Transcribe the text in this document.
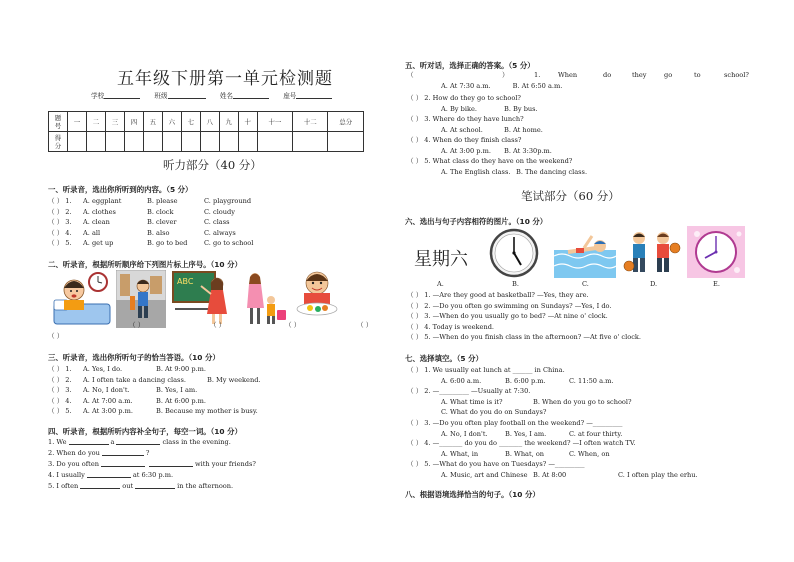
五年级下册第一单元检测题
学校	班级	姓名	座号
题
号	一	二	三	四	五	六	七	八	九	十	十一	十二	总分
得
分													
听力部分（40 分）
一、听录音，选出你所听到的内容。（5 分）
（ ） 1. A. eggplant	B. please	C. playground
（ ） 2. A. clothes	B. clock	C. cloudy
（ ） 3. A. clean	B. clever	C. class
（ ） 4. A. all	B. also	C. always
（ ） 5. A. get up	B. go to bed	C. go to school
二、听录音，根据所听顺序给下列图片标上序号。（10 分）
ABC
（ ）	（ ）	（ ）	（ ）
（ ）
三、听录音，选出你所听句子的恰当答语。（10 分）
（ ） 1. A. Yes, I do.	B. At 9:00 p.m.
（ ） 2. A. I often take a dancing class.	B. My weekend.
（ ） 3. A. No, I don't.	B. Yes, I am.
（ ） 4. A. At 7:00 a.m.	B. At 6:00 p.m.
（ ） 5. A. At 3:00 p.m.	B. Because my mother is busy.
四、听录音，根据所听内容补全句子，每空一词。（10 分）
1. We	a	class in the evening.
2. When do you	?
3. Do you often	with your friends?
4. I usually	at 6:30 p.m.
5. I often	out	in the afternoon.
五、听对话，选择正确的答案。（5 分）
（	）	1.	When	do	they	go	to	school?
A. At 7:30 a.m.	B. At 6:50 a.m.
（ ） 2. How do they go to school?
A. By bike.	B. By bus.
（ ） 3. Where do they have lunch?
A. At school.	B. At home.
（ ） 4. When do they finish class?
A. At 3:00 p.m. B. At 3:30p.m.
（ ） 5. What class do they have on the weekend?
A. The English class. B. The dancing class.
笔试部分（60 分）
六、选出与句子内容相符的图片。（10 分）
星期六
A.	B.	C.	D.	E.
（ ） 1. —Are they good at basketball? —Yes, they are.
（ ） 2. —Do you often go swimming on Sundays? —Yes, I do.
（ ） 3. —When do you usually go to bed? —At nine o' clock.
（ ） 4. Today is weekend.
（ ） 5. —When do you finish class in the afternoon? —At five o' clock.
七、选择填空。（5 分）
（ ） 1. We usually eat lunch at ______ in China.
A. 6:00 a.m.	B. 6:00 p.m.	C. 11:50 a.m.
（ ） 2. —_________ —Usually at 7:30.
A. What time is it?	B. When do you go to school?
C. What do you do on Sundays?
（ ） 3. —Do you often play football on the weekend? —_________
A. No, I don't.	B. Yes, I am.	C. at four thirty.
（ ） 4. —_______ do you do _______ the weekend? —I often watch TV.
A. What, in	B. What, on	C. When, on
（ ） 5. —What do you have on Tuesdays? —_________
A. Music, art and Chinese B. At 8:00	C. I often play the erhu.
八、根据语境选择恰当的句子。（10 分）
